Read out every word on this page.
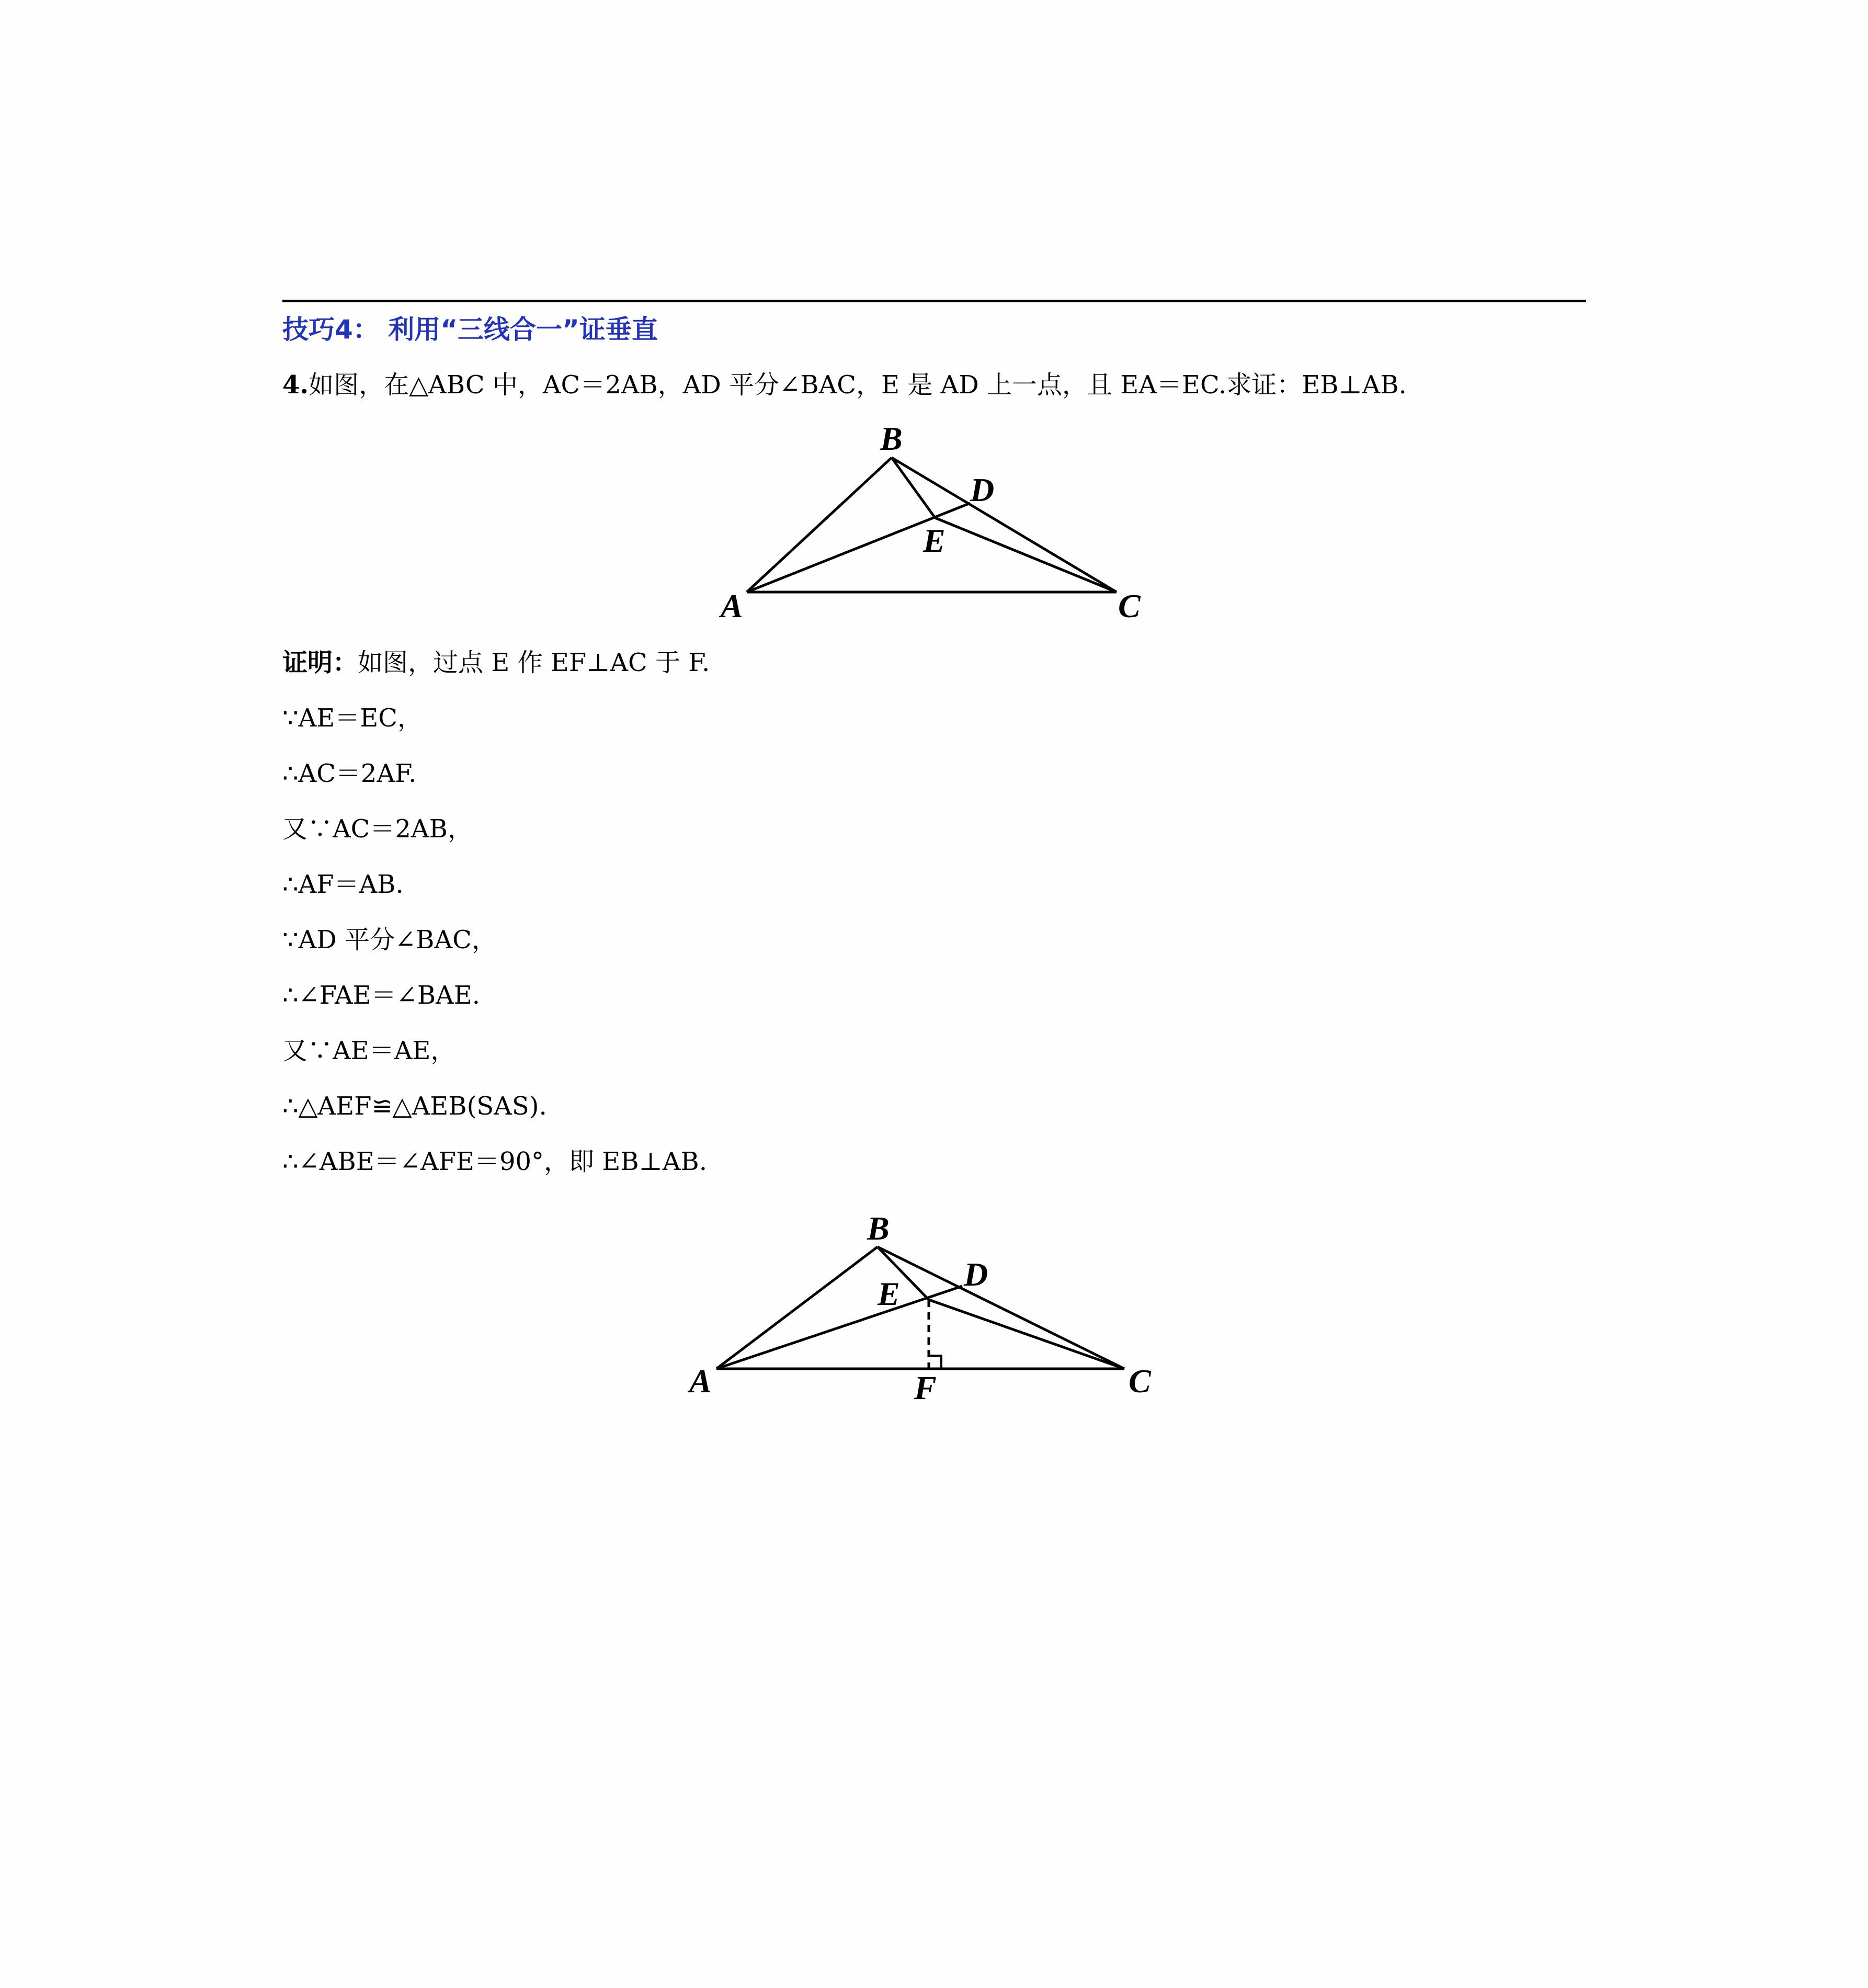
技巧4： 利用“三线合一”证垂直
4.如图，在△ABC 中，AC＝2AB，AD 平分∠BAC，E 是 AD 上一点，且 EA＝EC.求证：EB⊥AB.
B
D
E
A	C
证明：如图，过点 E 作 EF⊥AC 于 F.
∵AE＝EC，
∴AC＝2AF.
又∵AC＝2AB，
∴AF＝AB.
∵AD 平分∠BAC，
∴∠FAE＝∠BAE.
又∵AE＝AE，
∴△AEF≌△AEB(SAS).
∴∠ABE＝∠AFE＝90°，即 EB⊥AB.
B
D
E
A	C
F
